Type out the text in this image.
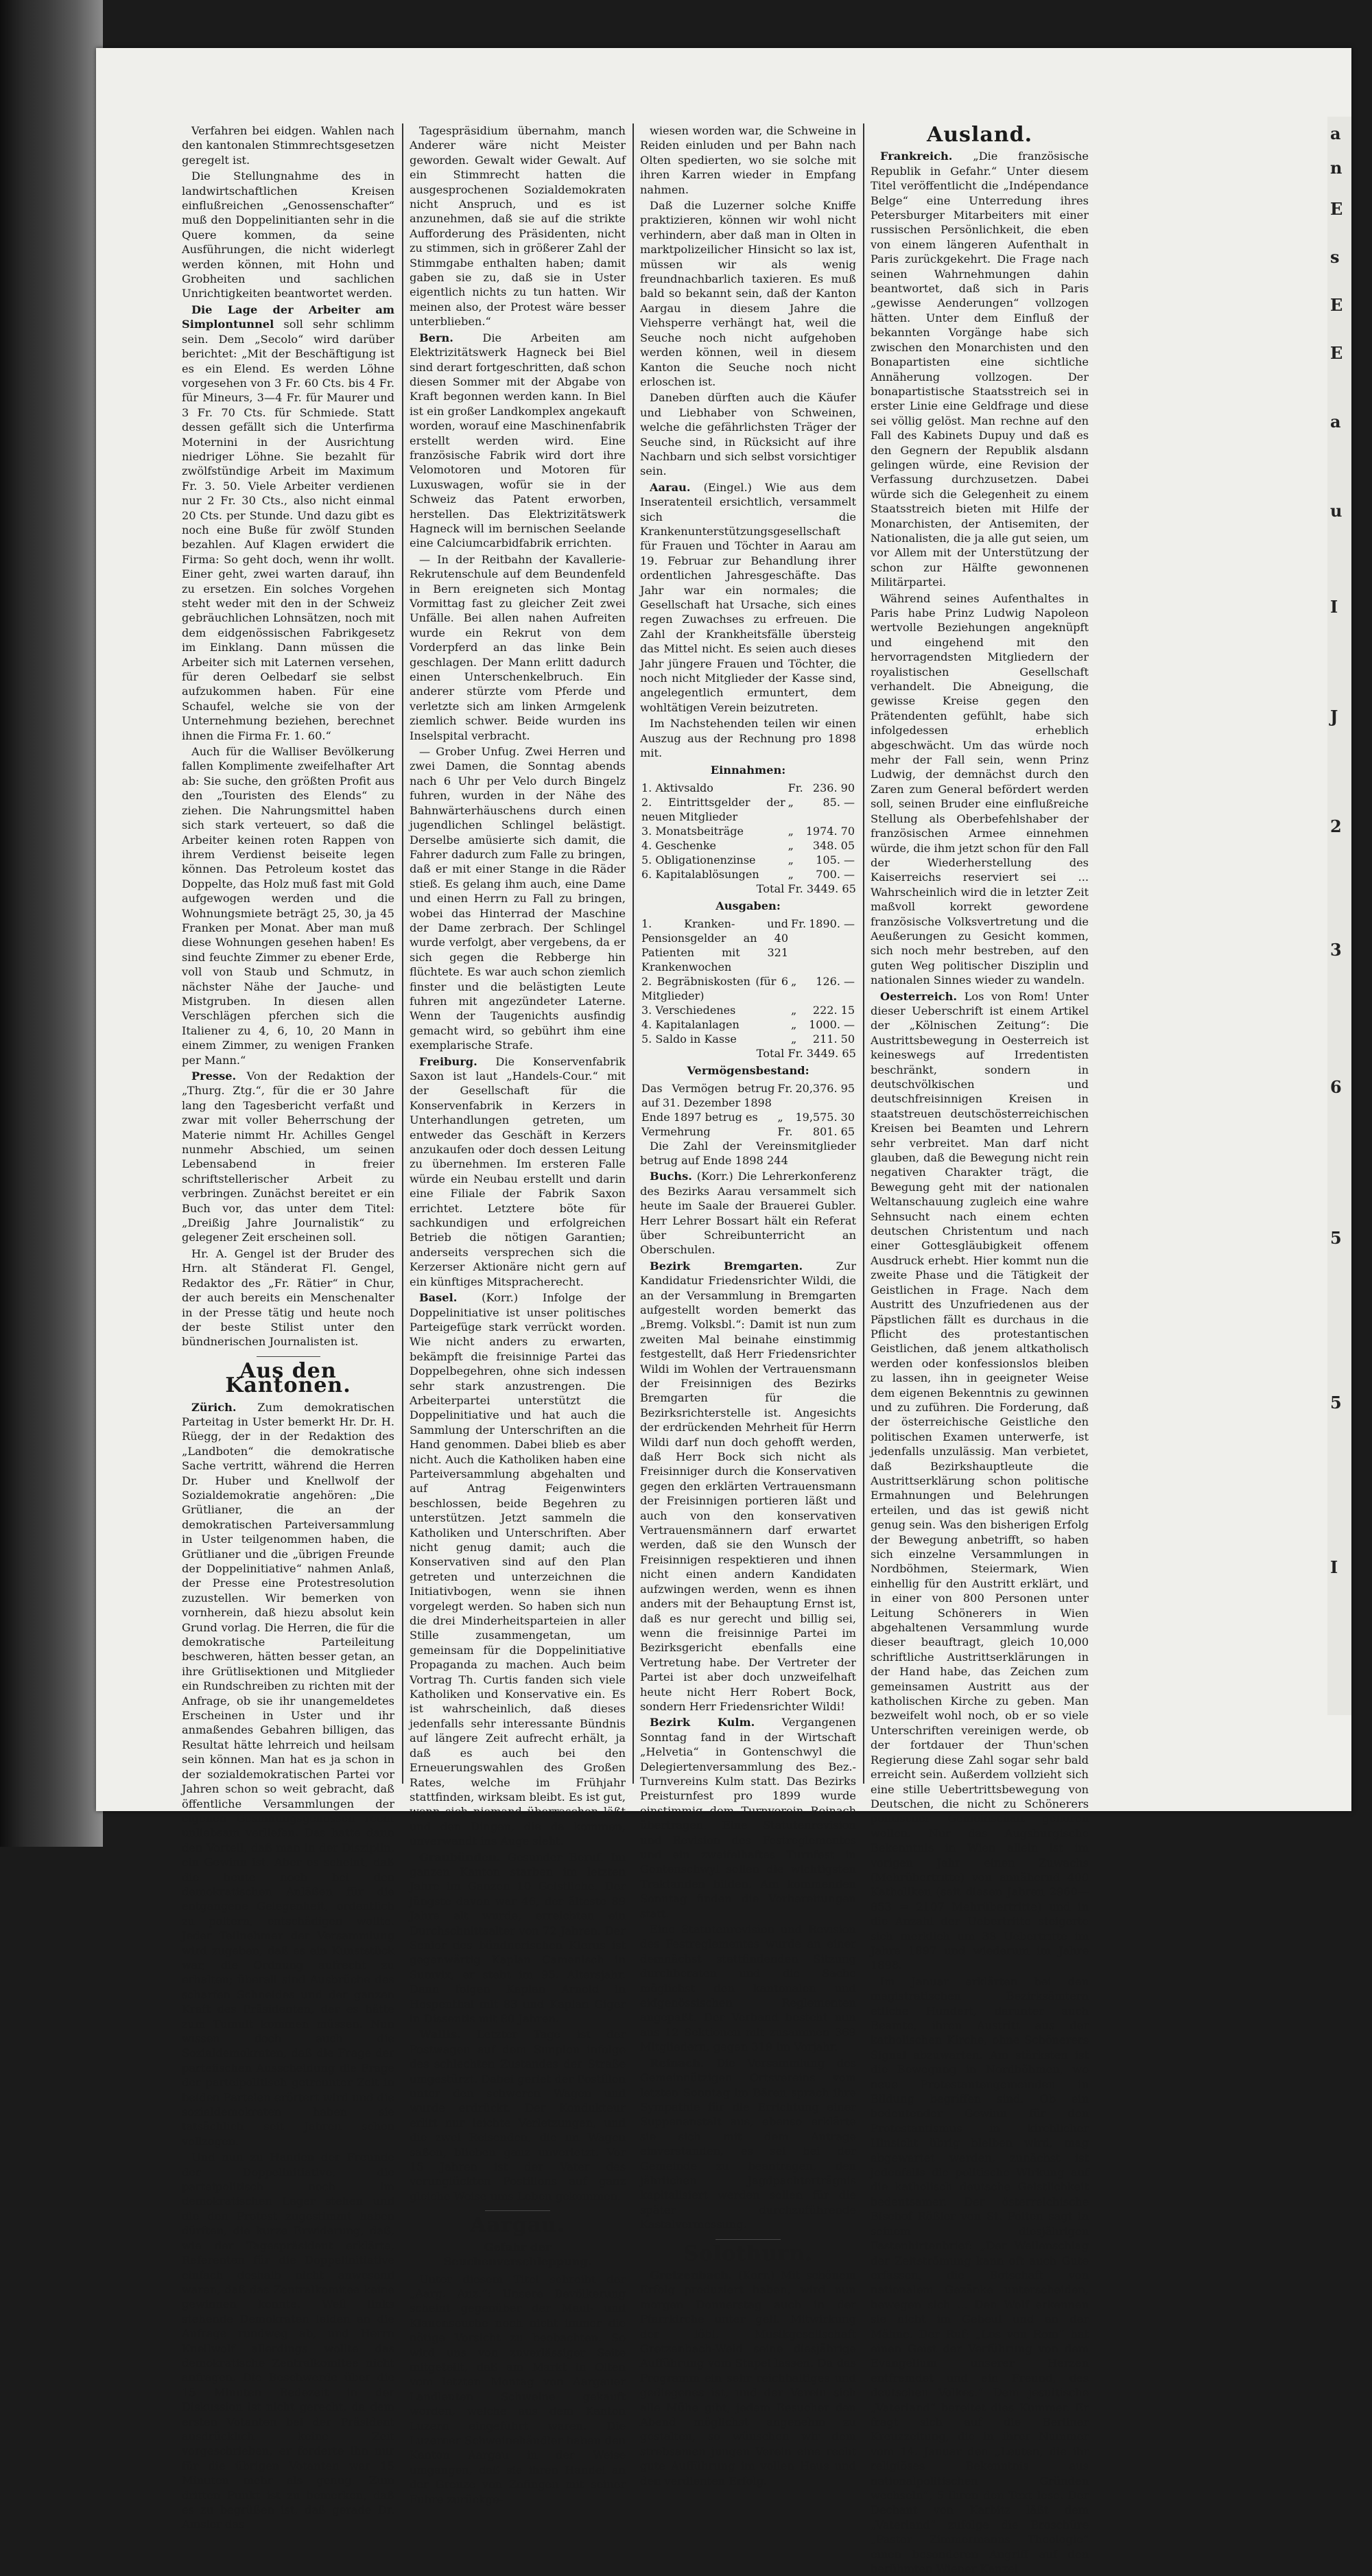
Verfahren bei eidgen. Wahlen nach den kantonalen Stimmrechtsgesetzen geregelt ist.

Die Stellungnahme des in landwirtschaftlichen Kreisen einflußreichen „Genossenschafter“ muß den Doppelinitianten sehr in die Quere kommen, da seine Ausführungen, die nicht widerlegt werden können, mit Hohn und Grobheiten und sachlichen Unrichtigkeiten beantwortet werden.

Die Lage der Arbeiter am Simplontunnel soll sehr schlimm sein. Dem „Secolo“ wird darüber berichtet: „Mit der Beschäftigung ist es ein Elend. Es werden Löhne vorgesehen von 3 Fr. 60 Cts. bis 4 Fr. für Mineurs, 3—4 Fr. für Maurer und 3 Fr. 70 Cts. für Schmiede. Statt dessen gefällt sich die Unterfirma Moternini in der Ausrichtung niedriger Löhne. Sie bezahlt für zwölfstündige Arbeit im Maximum Fr. 3. 50. Viele Arbeiter verdienen nur 2 Fr. 30 Cts., also nicht einmal 20 Cts. per Stunde. Und dazu gibt es noch eine Buße für zwölf Stunden bezahlen. Auf Klagen erwidert die Firma: So geht doch, wenn ihr wollt. Einer geht, zwei warten darauf, ihn zu ersetzen. Ein solches Vorgehen steht weder mit den in der Schweiz gebräuchlichen Lohnsätzen, noch mit dem eidgenössischen Fabrikgesetz im Einklang. Dann müssen die Arbeiter sich mit Laternen versehen, für deren Oelbedarf sie selbst aufzukommen haben. Für eine Schaufel, welche sie von der Unternehmung beziehen, berechnet ihnen die Firma Fr. 1. 60.“

Auch für die Walliser Bevölkerung fallen Komplimente zweifelhafter Art ab: Sie suche, den größten Profit aus den „Touristen des Elends“ zu ziehen. Die Nahrungsmittel haben sich stark verteuert, so daß die Arbeiter keinen roten Rappen von ihrem Verdienst beiseite legen können. Das Petroleum kostet das Doppelte, das Holz muß fast mit Gold aufgewogen werden und die Wohnungsmiete beträgt 25, 30, ja 45 Franken per Monat. Aber man muß diese Wohnungen gesehen haben! Es sind feuchte Zimmer zu ebener Erde, voll von Staub und Schmutz, in nächster Nähe der Jauche- und Mistgruben. In diesen allen Verschlägen pferchen sich die Italiener zu 4, 6, 10, 20 Mann in einem Zimmer, zu wenigen Franken per Mann.“

Presse. Von der Redaktion der „Thurg. Ztg.“, für die er 30 Jahre lang den Tagesbericht verfaßt und zwar mit voller Beherrschung der Materie nimmt Hr. Achilles Gengel nunmehr Abschied, um seinen Lebensabend in freier schriftstellerischer Arbeit zu verbringen. Zunächst bereitet er ein Buch vor, das unter dem Titel: „Dreißig Jahre Journalistik“ zu gelegener Zeit erscheinen soll.

Hr. A. Gengel ist der Bruder des Hrn. alt Ständerat Fl. Gengel, Redaktor des „Fr. Rätier“ in Chur, der auch bereits ein Menschenalter in der Presse tätig und heute noch der beste Stilist unter den bündnerischen Journalisten ist.

Aus den Kantonen.

Zürich. Zum demokratischen Parteitag in Uster bemerkt Hr. Dr. H. Rüegg, der in der Redaktion des „Landboten“ die demokratische Sache vertritt, während die Herren Dr. Huber und Knellwolf der Sozialdemokratie angehören: „Die Grütlianer, die an der demokratischen Parteiversammlung in Uster teilgenommen haben, die Grütlianer und die „übrigen Freunde der Doppelinitiative“ nahmen Anlaß, der Presse eine Protestresolution zuzustellen. Wir bemerken von vornherein, daß hiezu absolut kein Grund vorlag. Die Herren, die für die demokratische Parteileitung beschweren, hätten besser getan, an ihre Grütlisektionen und Mitglieder ein Rundschreiben zu richten mit der Anfrage, ob sie ihr unangemeldetes Erscheinen in Uster und ihr anmaßendes Gebahren billigen, das Resultat hätte lehrreich und heilsam sein können. Man hat es ja schon in der sozialdemokratischen Partei vor Jahren schon so weit gebracht, daß öffentliche Versammlungen der eigenen Gesinnungsgenossen recht unliebsam verliefen. Das hatte dann den Vorteil, daß man in der Disziplin, ein Gewinn ist. Aber es scheint, daß die heute noch bei den demokratischen Anläßen für die entgangene Gelegenheit, ordentlich zu poltern, entschädigen wollte. Jeder Teilnehmer der Versammlung wird zugeben, daß es ein Kunststück war, die Ordnung aufrecht zu erhalten; überall sind Ausbrüche des scharfen Schneides und der ganzen Kraft des Präsidenten, der es hätte zum Tumult kommen müssen. Nun wissen doch auch die Sozialdemokraten, daß die Frage der parteiischen Ausscheidung die Frage der parteipolitisch getrennter Zeit in beiden Parteien erörtert wird und die sozialdemokraten haben sie tatsächlich seit Jahren schon vollzogen.

Und nun zu Handen der Freunde der Doppelinitiative, die parteipolitisch noch im demokratischen Lager stehen und die den Protest zugestimmt haben dürften, die kurze Erwiderung, daß, wie der Tagespräsident erklärte, Referenten für die Doppelinitiative einfach deshalb nicht anwesend waren, daß das Zentralkomitee keine gewinnen konnte. Weil links stehende Demokraten leiden an die Anfrage rundweg ab, und Herrn Knellwolf allerdings wollte das demokratische Zentralkomitee nicht anfragen. Die Beschwerde über die 15 Minuten Redezeit in der Diskussion ist nicht gerecht, da dem ersten Votanten bei der Präsident ausdrücklich keine Zeit vorgeschrieben, er forderte ihn nur für die übrigen Votanten war 15 Minuten mehr als genug. Zum dritten Punkt ist zu bemerken, daß es zu begrüßen ist, daß gerade Dr. Amsler das

Tagespräsidium übernahm, manch Anderer wäre nicht Meister geworden. Gewalt wider Gewalt. Auf ein Stimmrecht hatten die ausgesprochenen Sozialdemokraten nicht Anspruch, und es ist anzunehmen, daß sie auf die strikte Aufforderung des Präsidenten, nicht zu stimmen, sich in größerer Zahl der Stimmgabe enthalten haben; damit gaben sie zu, daß sie in Uster eigentlich nichts zu tun hatten. Wir meinen also, der Protest wäre besser unterblieben.“

Bern.	Die Arbeiten am Elektrizitätswerk Hagneck bei Biel sind derart fortgeschritten, daß schon diesen Sommer mit der Abgabe von Kraft begonnen werden kann. In Biel ist ein großer Landkomplex angekauft worden, worauf eine Maschinenfabrik erstellt werden wird. Eine französische Fabrik wird dort ihre Velomotoren und Motoren für Luxuswagen, wofür sie in der Schweiz das Patent erworben, herstellen. Das Elektrizitätswerk Hagneck will im bernischen Seelande eine Calciumcarbidfabrik errichten.

— In der Reitbahn der Kavallerie-Rekrutenschule auf dem Beundenfeld in Bern ereigneten sich Montag Vormittag fast zu gleicher Zeit zwei Unfälle. Bei allen nahen Aufreiten wurde ein Rekrut von dem Vorderpferd an das linke Bein geschlagen. Der Mann erlitt dadurch einen Unterschenkelbruch. Ein anderer stürzte vom Pferde und verletzte sich am linken Armgelenk ziemlich schwer. Beide wurden ins Inselspital verbracht.

— Grober Unfug. Zwei Herren und zwei Damen, die Sonntag abends nach 6 Uhr per Velo durch Bingelz fuhren, wurden in der Nähe des Bahnwärterhäuschens durch einen jugendlichen Schlingel belästigt. Derselbe amüsierte sich damit, die Fahrer dadurch zum Falle zu bringen, daß er mit einer Stange in die Räder stieß. Es gelang ihm auch, eine Dame und einen Herrn zu Fall zu bringen, wobei das Hinterrad der Maschine der Dame zerbrach. Der Schlingel wurde verfolgt, aber vergebens, da er sich gegen die Rebberge hin flüchtete. Es war auch schon ziemlich finster und die belästigten Leute fuhren mit angezündeter Laterne. Wenn der Taugenichts ausfindig gemacht wird, so gebührt ihm eine exemplarische Strafe.

Freiburg. Die Konservenfabrik Saxon ist laut „Handels-Cour.“ mit der Gesellschaft für die Konservenfabrik in Kerzers in Unterhandlungen getreten, um entweder das Geschäft in Kerzers anzukaufen oder doch dessen Leitung zu übernehmen. Im ersteren Falle würde ein Neubau erstellt und darin eine Filiale der Fabrik Saxon errichtet. Letztere böte für sachkundigen und erfolgreichen Betrieb die nötigen Garantien; anderseits versprechen sich die Kerzerser Aktionäre nicht gern auf ein künftiges Mitspracherecht.

Basel. (Korr.) Infolge der Doppelinitiative ist unser politisches Parteigefüge stark verrückt worden. Wie nicht anders zu erwarten, bekämpft die freisinnige Partei das Doppelbegehren, ohne sich indessen sehr stark anzustrengen. Die Arbeiterpartei unterstützt die Doppelinitiative und hat auch die Sammlung der Unterschriften an die Hand genommen. Dabei blieb es aber nicht. Auch die Katholiken haben eine Parteiversammlung abgehalten und auf Antrag Feigenwinters beschlossen, beide Begehren zu unterstützen. Jetzt sammeln die Katholiken und Unterschriften. Aber nicht genug damit; auch die Konservativen sind auf den Plan getreten und unterzeichnen die Initiativbogen, wenn sie ihnen vorgelegt werden. So haben sich nun die drei Minderheitsparteien in aller Stille zusammengetan, um gemeinsam für die Doppelinitiative Propaganda zu machen. Auch beim Vortrag Th. Curtis fanden sich viele Katholiken und Konservative ein. Es ist wahrscheinlich, daß dieses jedenfalls sehr interessante Bündnis auf längere Zeit aufrecht erhält, ja daß es auch bei den Erneuerungswahlen des Großen Rates, welche im Frühjahr stattfinden, wirksam bleibt. Es ist gut, wenn sich niemand überraschen läßt und den Dingen, die da kommen, unverwandt ins Auge sieht.

Graubünden. Gesunder Beruf. Im ganzen Kanton starben im letzten Jahre im Ganzen 10 Geistliche. Der jüngste davon war 46, der älteste 89 Jahre alt wurde, erreichten ein Durchschnittsalter von 72 Jahren. Der Senior des bündnerischen Klerus ist gegenwärtig Kaplan Camenisch in Sumvix, er steht im 95. Altersjahr. Dann folgen Kaplan Arnold in Hospenthal mit 83 und Kaplan Giger in Dissentis mit 80 Jahren.

Wallis. Letzter Tage ist der Postwagen auf dem Simplon infolge des schlechten Zustandes der Straße umgestürzt. Dabei geriet der Postillon unter den schweren Wagen und wurde erdrückt. Der Kondukteur erlitt nur leichte Verletzungen, und die zwei Reisenden, die im Wagen saßen, blieben ganz unverletzt. Vor 15 Jahren ist der Vater des verunglückten Postillons auf ganz gleiche Weise ums Leben gekommen.

Aargau.
Gefahr der Seuchenverschleppung.

Unter diesem Titel schreibt der „Aarg. Anz.“: Unsere Bevölkerung scheint gegenüber der Maul- und Klauenseuche noch nicht immer die nötige Vorsicht zu beobachten. So wird uns von zuverlässiger Seite mitgeteilt, daß am Markt in Olten vom letzten Montag von Aargauer Landleuten Schweine gekauft worden, welche aus dem Kanton Luzern eingeführt waren. Die Luzerner Schweinehändler haben den Kanton Aargau in der Weise umgangen, daß sie ihren Handel an der Grenze von Zofingen mit seiner Fuhre zurückge-

wiesen worden war, die Schweine in Reiden einluden und per Bahn nach Olten spedierten, wo sie solche mit ihren Karren wieder in Empfang nahmen.

Daß die Luzerner solche Kniffe praktizieren, können wir wohl nicht verhindern, aber daß man in Olten in marktpolizeilicher Hinsicht so lax ist, müssen wir als wenig freundnachbarlich taxieren. Es muß bald so bekannt sein, daß der Kanton Aargau in diesem Jahre die Viehsperre verhängt hat, weil die Seuche noch nicht aufgehoben werden können, weil in diesem Kanton die Seuche noch nicht erloschen ist.

Daneben dürften auch die Käufer und Liebhaber von Schweinen, welche die gefährlichsten Träger der Seuche sind, in Rücksicht auf ihre Nachbarn und sich selbst vorsichtiger sein.

Aarau. (Eingel.) Wie aus dem Inseratenteil ersichtlich, versammelt sich die Krankenunterstützungsgesellschaft für Frauen und Töchter in Aarau am 19. Februar zur Behandlung ihrer ordentlichen Jahresgeschäfte. Das Jahr war ein normales; die Gesellschaft hat Ursache, sich eines regen Zuwachses zu erfreuen. Die Zahl der Krankheitsfälle übersteig das Mittel nicht. Es seien auch dieses Jahr jüngere Frauen und Töchter, die noch nicht Mitglieder der Kasse sind, angelegentlich ermuntert, dem wohltätigen Verein beizutreten.

Im Nachstehenden teilen wir einen Auszug aus der Rechnung pro 1898 mit.

Einnahmen:
1. Aktivsaldo	Fr.	236. 90
2. Eintrittsgelder der neuen Mitglieder	„	85. —
3. Monatsbeiträge	„	1974. 70
4. Geschenke	„	348. 05
5. Obligationenzinse	„	105. —
6. Kapitalablösungen	„	700. —
Total Fr. 3449. 65
Ausgaben:
1. Kranken- und Pensionsgelder an 40 Patienten mit 321 Krankenwochen	Fr.	1890. —
2. Begräbniskosten (für 6 Mitglieder)	„	126. —
3. Verschiedenes	„	222. 15
4. Kapitalanlagen	„	1000. —
5. Saldo in Kasse	„	211. 50
Total Fr. 3449. 65
Vermögensbestand:
Das Vermögen betrug auf 31. Dezember 1898	Fr.	20,376. 95
Ende 1897 betrug es	„	19,575. 30
Vermehrung	Fr.	801. 65

Die Zahl der Vereinsmitglieder betrug auf Ende 1898 244

Buchs. (Korr.) Die Lehrerkonferenz des Bezirks Aarau versammelt sich heute im Saale der Brauerei Gubler. Herr Lehrer Bossart hält ein Referat über Schreibunterricht an Oberschulen.

Bezirk Bremgarten.	Zur Kandidatur Friedensrichter Wildi, die an der Versammlung in Bremgarten aufgestellt worden bemerkt das „Bremg. Volksbl.“: Damit ist nun zum zweiten Mal beinahe einstimmig festgestellt, daß Herr Friedensrichter Wildi im Wohlen der Vertrauensmann der Freisinnigen des Bezirks Bremgarten für die Bezirksrichterstelle ist. Angesichts der erdrückenden Mehrheit für Herrn Wildi darf nun doch gehofft werden, daß Herr Bock sich nicht als Freisinniger durch die Konservativen gegen den erklärten Vertrauensmann der Freisinnigen portieren läßt und auch von den konservativen Vertrauensmännern darf erwartet werden, daß sie den Wunsch der Freisinnigen respektieren und ihnen nicht einen andern Kandidaten aufzwingen werden, wenn es ihnen anders mit der Behauptung Ernst ist, daß es nur gerecht und billig sei, wenn die freisinnige Partei im Bezirksgericht ebenfalls eine Vertretung habe. Der Vertreter der Partei ist aber doch unzweifelhaft heute nicht Herr Robert Bock, sondern Herr Friedensrichter Wildi!

Bezirk Kulm. Vergangenen Sonntag fand in der Wirtschaft „Helvetia“ in Gontenschwyl die Delegiertenversammlung des Bez.-Turnvereins Kulm statt. Das Bezirks Preisturnfest pro 1899 wurde einstimmig dem Turnverein Reinach übertragen. Eine Statutenrevision und Revision des Festreglementes und ein zweifelhaftes Turnfest in Gontenschwyl sollen die wichtigsten Traktanden bilden. Am kommenden Sonntag finden die Vorbereitungen statt.

Eine Statutenrevision und Revision des Festreglementes wurde an einer demnächst stattfindenden Sitzung durchberaten und die Sache möglichst den kantonalen und eidgenössischen Reglementen angepaßt. Der Verband besteht nun aus 12 Sektionen mit zusammen 369 Mitgliedern, gegen 319 im Vorjahr.

Reinach. Die Versammlung des Gemeinnützigen Ortsvereins vom letzten Sonntag im Bären sprach ihre Sympathie für die Errichtung einer Suppenanstalt aus, ebenso erklärte sie sich mit dem Antrage einverstanden, es sei bei der Gemeinde zu beantragen, den jährlichen Jagdpachterträgnis kapitalisiert werden sollen für die später durchzuführende Kastalvermessung.

Solothurn.

Gretzenbach. (Korr.) Mit schönem Erfolg produziert haben, wird nun morgen Donnerstag auch in der Pfarrkirche unter gefl. Mitwirkung der löbl. Musikgesellschaft Gretzenbach-Weid seine diesjährige Aufführung vom Stapel lassen. Da das Programm ein sehr reichhaltiges und gediegenes ist, und der Verein sich alle Mühe gibt, jedem Besucher den Abend möglichst angenehm zu gestalten, so wünschen wir dem strebsamen jungen Verein eine recht gute Aufführung im vollen Haus und den verdienten Erfolg.

Ausland.

Frankreich. „Die französische Republik in Gefahr.“ Unter diesem Titel veröffentlicht die „Indépendance Belge“ eine Unterredung ihres Petersburger Mitarbeiters mit einer russischen Persönlichkeit, die eben von einem längeren Aufenthalt in Paris zurückgekehrt. Die Frage nach seinen Wahrnehmungen dahin beantwortet, daß sich in Paris „gewisse Aenderungen“ vollzogen hätten. Unter dem Einfluß der bekannten Vorgänge habe sich zwischen den Monarchisten und den Bonapartisten eine sichtliche Annäherung vollzogen. Der bonapartistische Staatsstreich sei in erster Linie eine Geldfrage und diese sei völlig gelöst. Man rechne auf den Fall des Kabinets Dupuy und daß es den Gegnern der Republik alsdann gelingen würde, eine Revision der Verfassung durchzusetzen. Dabei würde sich die Gelegenheit zu einem Staatsstreich bieten mit Hilfe der Monarchisten, der Antisemiten, der Nationalisten, die ja alle gut seien, um vor Allem mit der Unterstützung der schon zur Hälfte gewonnenen Militärpartei.

Während seines Aufenthaltes in Paris habe Prinz Ludwig Napoleon wertvolle Beziehungen angeknüpft und eingehend mit den hervorragendsten Mitgliedern der royalistischen Gesellschaft verhandelt. Die Abneigung, die gewisse Kreise gegen den Prätendenten gefühlt, habe sich infolgedessen erheblich abgeschwächt. Um das würde noch mehr der Fall sein, wenn Prinz Ludwig, der demnächst durch den Zaren zum General befördert werden soll, seinen Bruder eine einflußreiche Stellung als Oberbefehlshaber der französischen Armee einnehmen würde, die ihm jetzt schon für den Fall der Wiederherstellung des Kaiserreichs reserviert sei ... Wahrscheinlich wird die in letzter Zeit maßvoll korrekt gewordene französische Volksvertretung und die Aeußerungen zu Gesicht kommen, sich noch mehr bestreben, auf den guten Weg politischer Disziplin und nationalen Sinnes wieder zu wandeln.

Oesterreich. Los von Rom! Unter dieser Ueberschrift ist einem Artikel der „Kölnischen Zeitung“: Die Austrittsbewegung in Oesterreich ist keineswegs auf Irredentisten beschränkt, sondern in deutschvölkischen und deutschfreisinnigen Kreisen in staatstreuen deutschösterreichischen Kreisen bei Beamten und Lehrern sehr verbreitet. Man darf nicht glauben, daß die Bewegung nicht rein negativen Charakter trägt, die Bewegung geht mit der nationalen Weltanschauung zugleich eine wahre Sehnsucht nach einem echten deutschen Christentum und nach einer Gottesgläubigkeit offenem Ausdruck erhebt. Hier kommt nun die zweite Phase und die Tätigkeit der Geistlichen in Frage. Nach dem Austritt des Unzufriedenen aus der Päpstlichen fällt es durchaus in die Pflicht des protestantischen Geistlichen, daß jenem altkatholisch werden oder konfessionslos bleiben zu lassen, ihn in geeigneter Weise dem eigenen Bekenntnis zu gewinnen und zu zuführen. Die Forderung, daß der österreichische Geistliche den politischen Examen unterwerfe, ist jedenfalls unzulässig. Man verbietet, daß Bezirkshauptleute die Austrittserklärung schon politische Ermahnungen und Belehrungen erteilen, und das ist gewiß nicht genug sein. Was den bisherigen Erfolg der Bewegung anbetrifft, so haben sich einzelne Versammlungen in Nordböhmen, Steiermark, Wien einhellig für den Austritt erklärt, und in einer von 800 Personen unter Leitung Schönerers in Wien abgehaltenen Versammlung wurde dieser beauftragt, gleich 10,000 schriftliche Austrittserklärungen in der Hand habe, das Zeichen zum gemeinsamen Austritt aus der katholischen Kirche zu geben. Man bezweifelt wohl noch, ob er so viele Unterschriften vereinigen werde, ob der fortdauer der Thun'schen Regierung diese Zahl sogar sehr bald erreicht sein. Außerdem vollzieht sich eine stille Uebertrittsbewegung von Deutschen, die nicht zu Schönerers politischer Gemeinschaft gehören wollen. Nur das Augsburgische Bekenntnis in Wien allein ist im vorigen Jahr einen Zuwachs (Mehrübertritte) von annähernd 400 Katholiken (seit diesen Jahren 2960—853 = 2107 Mehrübertritte) und in die Anzahl der Uebertritte steigerte sich merklich um 38 Uebertritte im Jahre 1897 und wiederum im Jahre 1898.

Im Januar erklärten bei den magistratischen Bezirksämtern etliche Hundert, darunter auch Beamte, ihren Austritt aus der katholischen Kirche, ohne Schönerers Signal abzuwarten. Am stärksten ist die Bewegung in Nordböhmen, wo neue Protestantengemeinden in Bildung begriffen sind. Ob ein bedeutender Gewinn für den Protestantismus in kirchlicher Hinsicht übrig bleiben wird, mag abgewartet werden, zunächst ist jedenfalls die politische Wirkung auf die katholisch deutsche Geistlichkeit bedeutsamer. Der österreichische Bischof Rößler von St. Pölten sagt in seinem diesjährigen Fastenhirtenbrief: „Der Wellenschlag der Zeitströmung kann oft auch Gute erfassen, die Botschaft von nationalem Gezänke unterscheiden, bewegen sich ... Den Wolf erkennen sie nicht im Geheul und an der Mähne. Der Ruf: „Los von Rom“ hat einen Geist der Verführung von dem Evangelium unserer Herzen entfremdet und ein Freund, des deutschen Volkes.“ Dem jesuitische „Vaterland“ bereitet dies Kummer. Er fragt sich auf die Berliner Kreuzzeitung, die in ihrer Nummer vom 14. Januar den „Leuten, die ihr religiöses Bekenntnis aus nationalpolitischen Gründen wechseln“, 5 ihren den Text lese. Der Dechant von Karbitz läßt dem „Vaterland“ zufolge die Broschüre „Pastor Zimmermanns Theologie“ einen besonderen Angriff auf den berühmten Wiener Kanzel

a
n
E
s
E
E
a
u
I
J
2
3
6
5
5
I
